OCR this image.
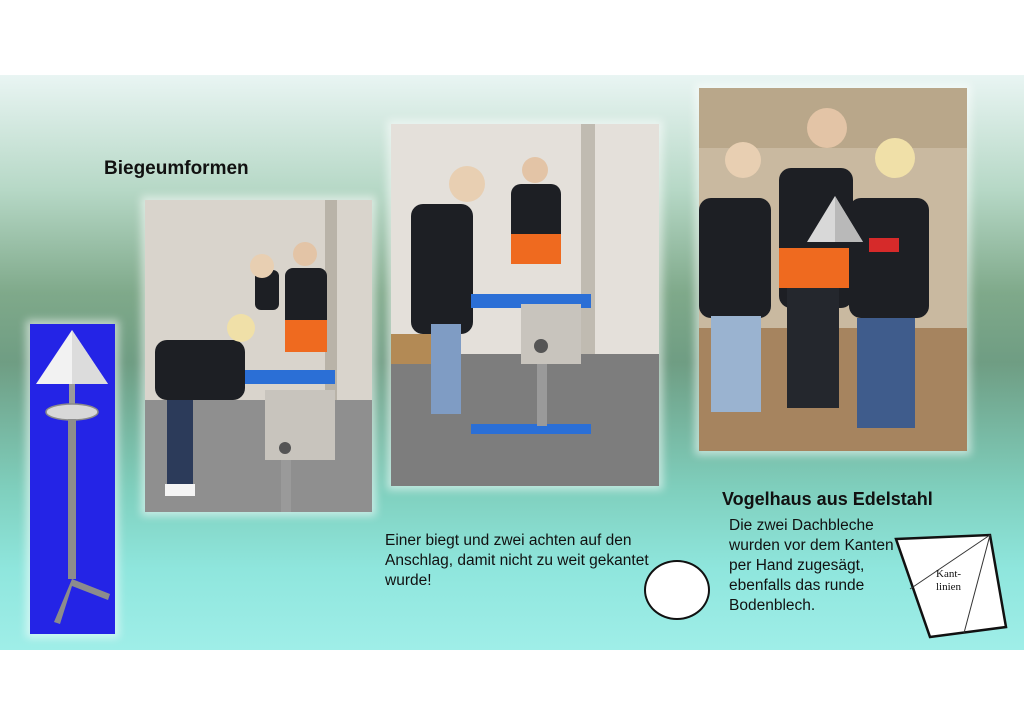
Biegeumformen
Einer biegt und zwei achten auf den Anschlag, damit nicht zu weit gekantet wurde!
Vogelhaus aus Edelstahl
Die zwei Dachbleche wurden vor dem Kanten per Hand zugesägt, ebenfalls das runde Bodenblech.
Kant-
linien
